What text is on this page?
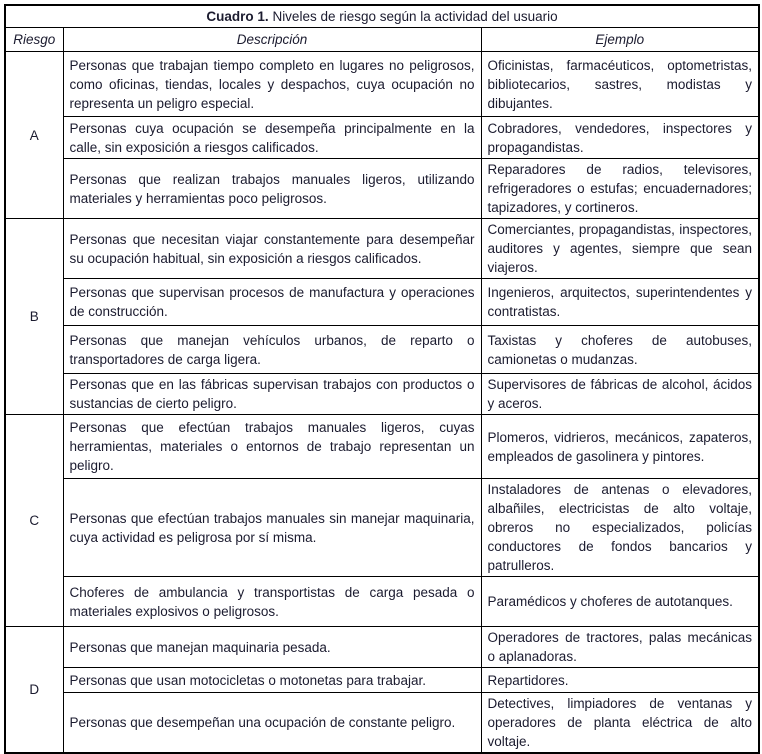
Cuadro 1. Niveles de riesgo según la actividad del usuario		
Riesgo	Descripción	Ejemplo
A	Personas que trabajan tiempo completo en lugares no peligrosos, como oficinas, tiendas, locales y despachos, cuya ocupación no representa un peligro especial.	Oficinistas, farmacéuticos, optometristas, bibliotecarios, sastres, modistas y dibujantes.
	Personas cuya ocupación se desempeña principalmente en la calle, sin exposición a riesgos calificados.	Cobradores, vendedores, inspectores y propagandistas.
	Personas que realizan trabajos manuales ligeros, utilizando materiales y herramientas poco peligrosos.	Reparadores de radios, televisores, refrigeradores o estufas; encuadernadores; tapizadores, y cortineros.
B	Personas que necesitan viajar constantemente para desempeñar su ocupación habitual, sin exposición a riesgos calificados.	Comerciantes, propagandistas, inspectores, auditores y agentes, siempre que sean viajeros.
	Personas que supervisan procesos de manufactura y operaciones de construcción.	Ingenieros, arquitectos, superintendentes y contratistas.
	Personas que manejan vehículos urbanos, de reparto o transportadores de carga ligera.	Taxistas y choferes de autobuses, camionetas o mudanzas.
	Personas que en las fábricas supervisan trabajos con productos o sustancias de cierto peligro.	Supervisores de fábricas de alcohol, ácidos y aceros.
C	Personas que efectúan trabajos manuales ligeros, cuyas herramientas, materiales o entornos de trabajo representan un peligro.	Plomeros, vidrieros, mecánicos, zapateros, empleados de gasolinera y pintores.
	Personas que efectúan trabajos manuales sin manejar maquinaria, cuya actividad es peligrosa por sí misma.	Instaladores de antenas o elevadores, albañiles, electricistas de alto voltaje, obreros no especializados, policías conductores de fondos bancarios y patrulleros.
	Choferes de ambulancia y transportistas de carga pesada o materiales explosivos o peligrosos.	Paramédicos y choferes de autotanques.
D	Personas que manejan maquinaria pesada.	Operadores de tractores, palas mecánicas o aplanadoras.
	Personas que usan motocicletas o motonetas para trabajar.	Repartidores.
	Personas que desempeñan una ocupación de constante peligro.	Detectives, limpiadores de ventanas y operadores de planta eléctrica de alto voltaje.
